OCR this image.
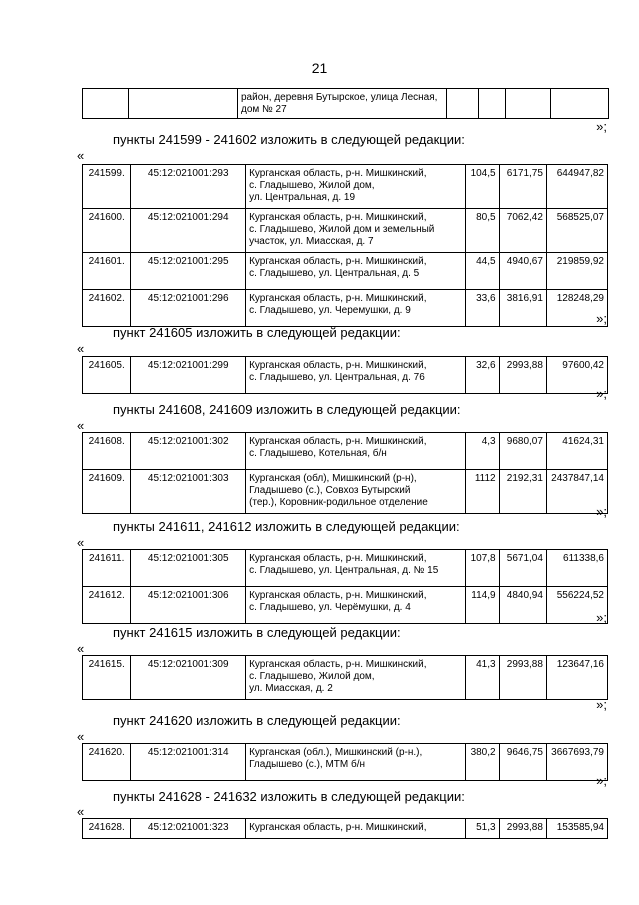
21

район, деревня Бутырское, улица Лесная,
дом № 27

»;
пункты 241599 - 241602 изложить в следующей редакции:
«
241599.	45:12:021001:293	Курганская область, р-н. Мишкинский,
с. Гладышево, Жилой дом,
ул. Центральная, д. 19	104,5	6171,75	644947,82
241600.	45:12:021001:294	Курганская область, р-н. Мишкинский,
с. Гладышево, Жилой дом и земельный
участок, ул. Миасская, д. 7	80,5	7062,42	568525,07
241601.	45:12:021001:295	Курганская область, р-н. Мишкинский,
с. Гладышево, ул. Центральная, д. 5	44,5	4940,67	219859,92
241602.	45:12:021001:296	Курганская область, р-н. Мишкинский,
с. Гладышево, ул. Черемушки, д. 9	33,6	3816,91	128248,29
»;
пункт 241605 изложить в следующей редакции:
«
241605.	45:12:021001:299	Курганская область, р-н. Мишкинский,
с. Гладышево, ул. Центральная, д. 76
	32,6	2993,88	97600,42
»;
пункты 241608, 241609 изложить в следующей редакции:
«
241608.	45:12:021001:302	Курганская область, р-н. Мишкинский,
с. Гладышево, Котельная, б/н	4,3	9680,07	41624,31
241609.	45:12:021001:303	Курганская (обл), Мишкинский (р-н),
Гладышево (с.), Совхоз Бутырский
(тер.), Коровник-родильное отделение	1112	2192,31	2437847,14
»;
пункты 241611, 241612 изложить в следующей редакции:
«
241611.	45:12:021001:305	Курганская область, р-н. Мишкинский,
с. Гладышево, ул. Центральная, д. № 15	107,8	5671,04	611338,6
241612.	45:12:021001:306	Курганская область, р-н. Мишкинский,
с. Гладышево, ул. Черёмушки, д. 4	114,9	4840,94	556224,52
»;
пункт 241615 изложить в следующей редакции:
«
241615.	45:12:021001:309	Курганская область, р-н. Мишкинский,
с. Гладышево, Жилой дом,
ул. Миасская, д. 2
	41,3	2993,88	123647,16
»;
пункт 241620 изложить в следующей редакции:
«
241620.	45:12:021001:314	Курганская (обл.), Мишкинский (р-н.),
Гладышево (с.), МТМ б/н
	380,2	9646,75	3667693,79
»;
пункты 241628 - 241632 изложить в следующей редакции:
«
241628.	45:12:021001:323	Курганская область, р-н. Мишкинский,	51,3	2993,88	153585,94
